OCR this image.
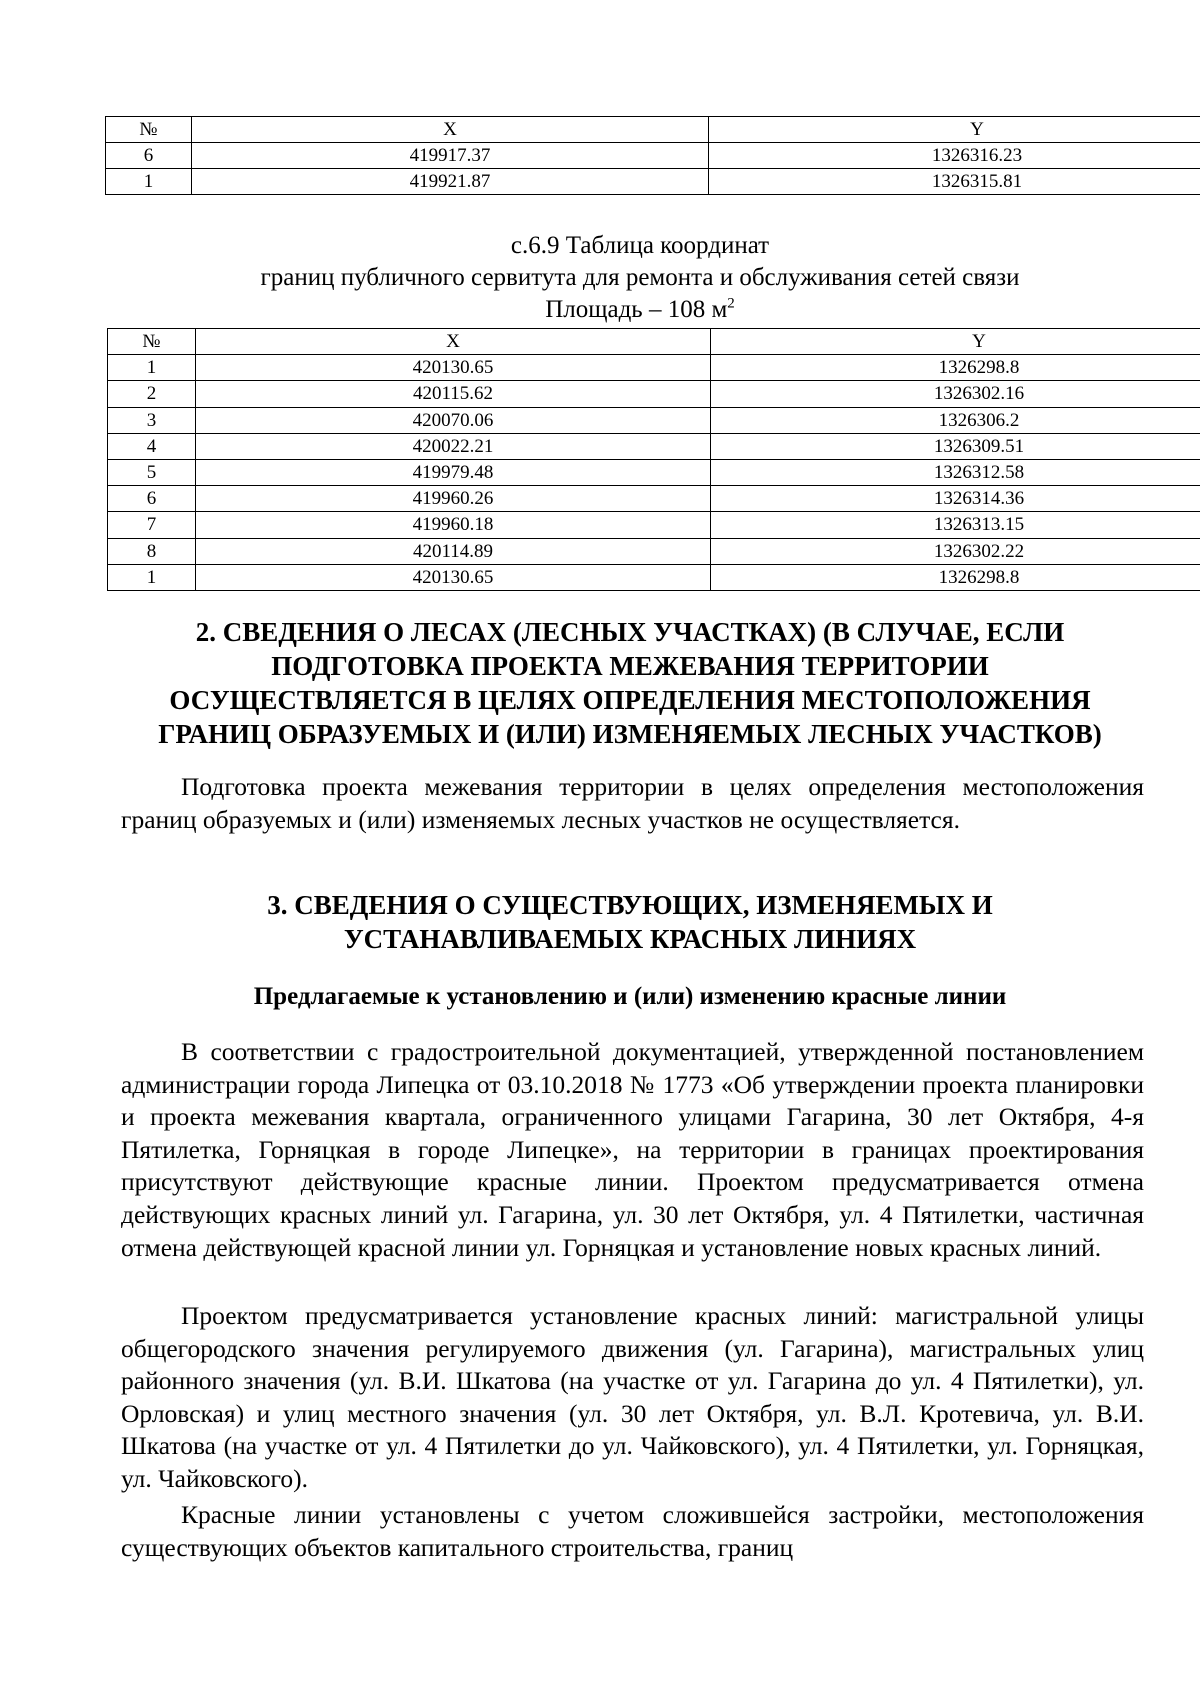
№	X	Y
6	419917.37	1326316.23
1	419921.87	1326315.81
с.6.9 Таблица координат
границ публичного сервитута для ремонта и обслуживания сетей связи
Площадь – 108 $м^2$
№	X	Y
1	420130.65	1326298.8
2	420115.62	1326302.16
3	420070.06	1326306.2
4	420022.21	1326309.51
5	419979.48	1326312.58
6	419960.26	1326314.36
7	419960.18	1326313.15
8	420114.89	1326302.22
1	420130.65	1326298.8
2. СВЕДЕНИЯ О ЛЕСАХ (ЛЕСНЫХ УЧАСТКАХ) (В СЛУЧАЕ, ЕСЛИ
ПОДГОТОВКА ПРОЕКТА МЕЖЕВАНИЯ ТЕРРИТОРИИ
ОСУЩЕСТВЛЯЕТСЯ В ЦЕЛЯХ ОПРЕДЕЛЕНИЯ МЕСТОПОЛОЖЕНИЯ
ГРАНИЦ ОБРАЗУЕМЫХ И (ИЛИ) ИЗМЕНЯЕМЫХ ЛЕСНЫХ УЧАСТКОВ)

Подготовка проекта межевания территории в целях определения местоположения границ образуемых и (или) изменяемых лесных участков не осуществляется.

3. СВЕДЕНИЯ О СУЩЕСТВУЮЩИХ, ИЗМЕНЯЕМЫХ И
УСТАНАВЛИВАЕМЫХ КРАСНЫХ ЛИНИЯХ
Предлагаемые к установлению и (или) изменению красные линии

В соответствии с градостроительной документацией, утвержденной постановлением администрации города Липецка от 03.10.2018 № 1773 «Об утверждении проекта планировки и проекта межевания квартала, ограниченного улицами Гагарина, 30 лет Октября, 4-я Пятилетка, Горняцкая в городе Липецке», на территории в границах проектирования присутствуют действующие красные линии. Проектом предусматривается отмена действующих красных линий ул. Гагарина, ул. 30 лет Октября, ул. 4 Пятилетки, частичная отмена действующей красной линии ул. Горняцкая и установление новых красных линий.

Проектом предусматривается установление красных линий: магистральной улицы общегородского значения регулируемого движения (ул. Гагарина), магистральных улиц районного значения (ул. В.И. Шкатова (на участке от ул. Гагарина до ул. 4 Пятилетки), ул. Орловская) и улиц местного значения (ул. 30 лет Октября, ул. В.Л. Кротевича, ул. В.И. Шкатова (на участке от ул. 4 Пятилетки до ул. Чайковского), ул. 4 Пятилетки, ул. Горняцкая, ул. Чайковского).

Красные линии установлены с учетом сложившейся застройки, местоположения существующих объектов капитального строительства, границ
